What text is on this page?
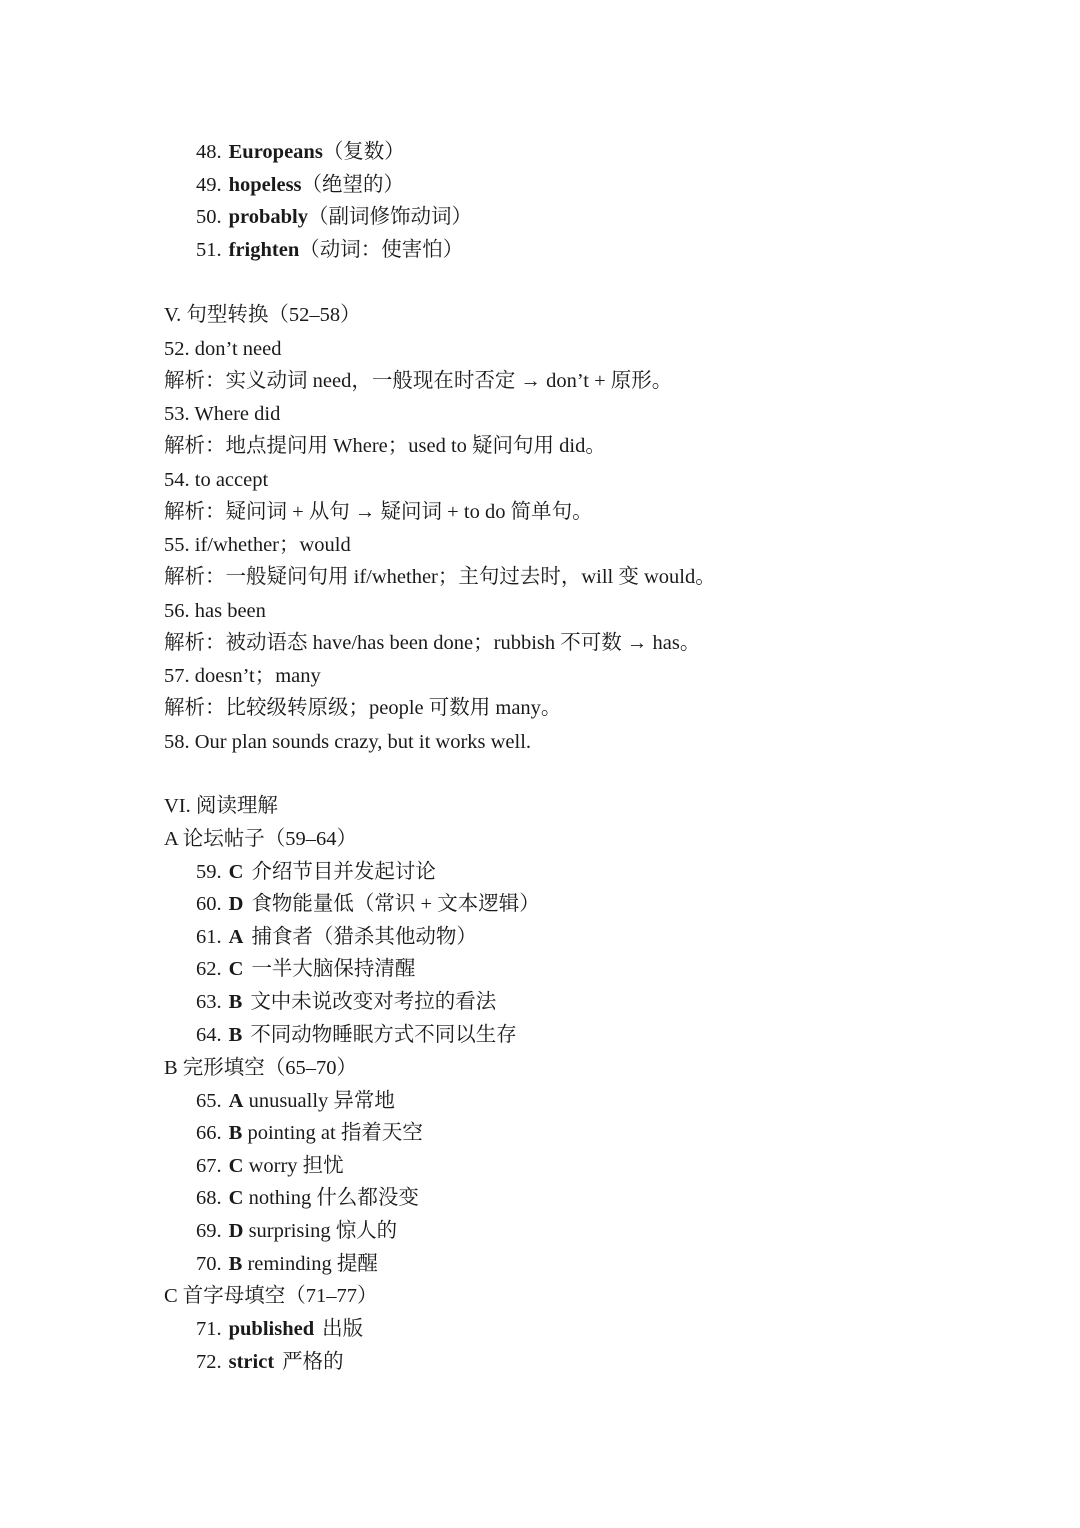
48. Europeans（复数）
49. hopeless（绝望的）
50. probably（副词修饰动词）
51. frighten（动词：使害怕）
V. 句型转换（52–58）
52. don’t need
解析：实义动词 need，一般现在时否定 → don’t + 原形。
53. Where did
解析：地点提问用 Where；used to 疑问句用 did。
54. to accept
解析：疑问词 + 从句 → 疑问词 + to do 简单句。
55. if/whether；would
解析：一般疑问句用 if/whether；主句过去时，will 变 would。
56. has been
解析：被动语态 have/has been done；rubbish 不可数 → has。
57. doesn’t；many
解析：比较级转原级；people 可数用 many。
58. Our plan sounds crazy, but it works well.
VI. 阅读理解
A 论坛帖子（59–64）
59. C 介绍节目并发起讨论
60. D 食物能量低（常识 + 文本逻辑）
61. A 捕食者（猎杀其他动物）
62. C 一半大脑保持清醒
63. B 文中未说改变对考拉的看法
64. B 不同动物睡眠方式不同以生存
B 完形填空（65–70）
65. A unusually 异常地
66. B pointing at 指着天空
67. C worry 担忧
68. C nothing 什么都没变
69. D surprising 惊人的
70. B reminding 提醒
C 首字母填空（71–77）
71. published 出版
72. strict 严格的
